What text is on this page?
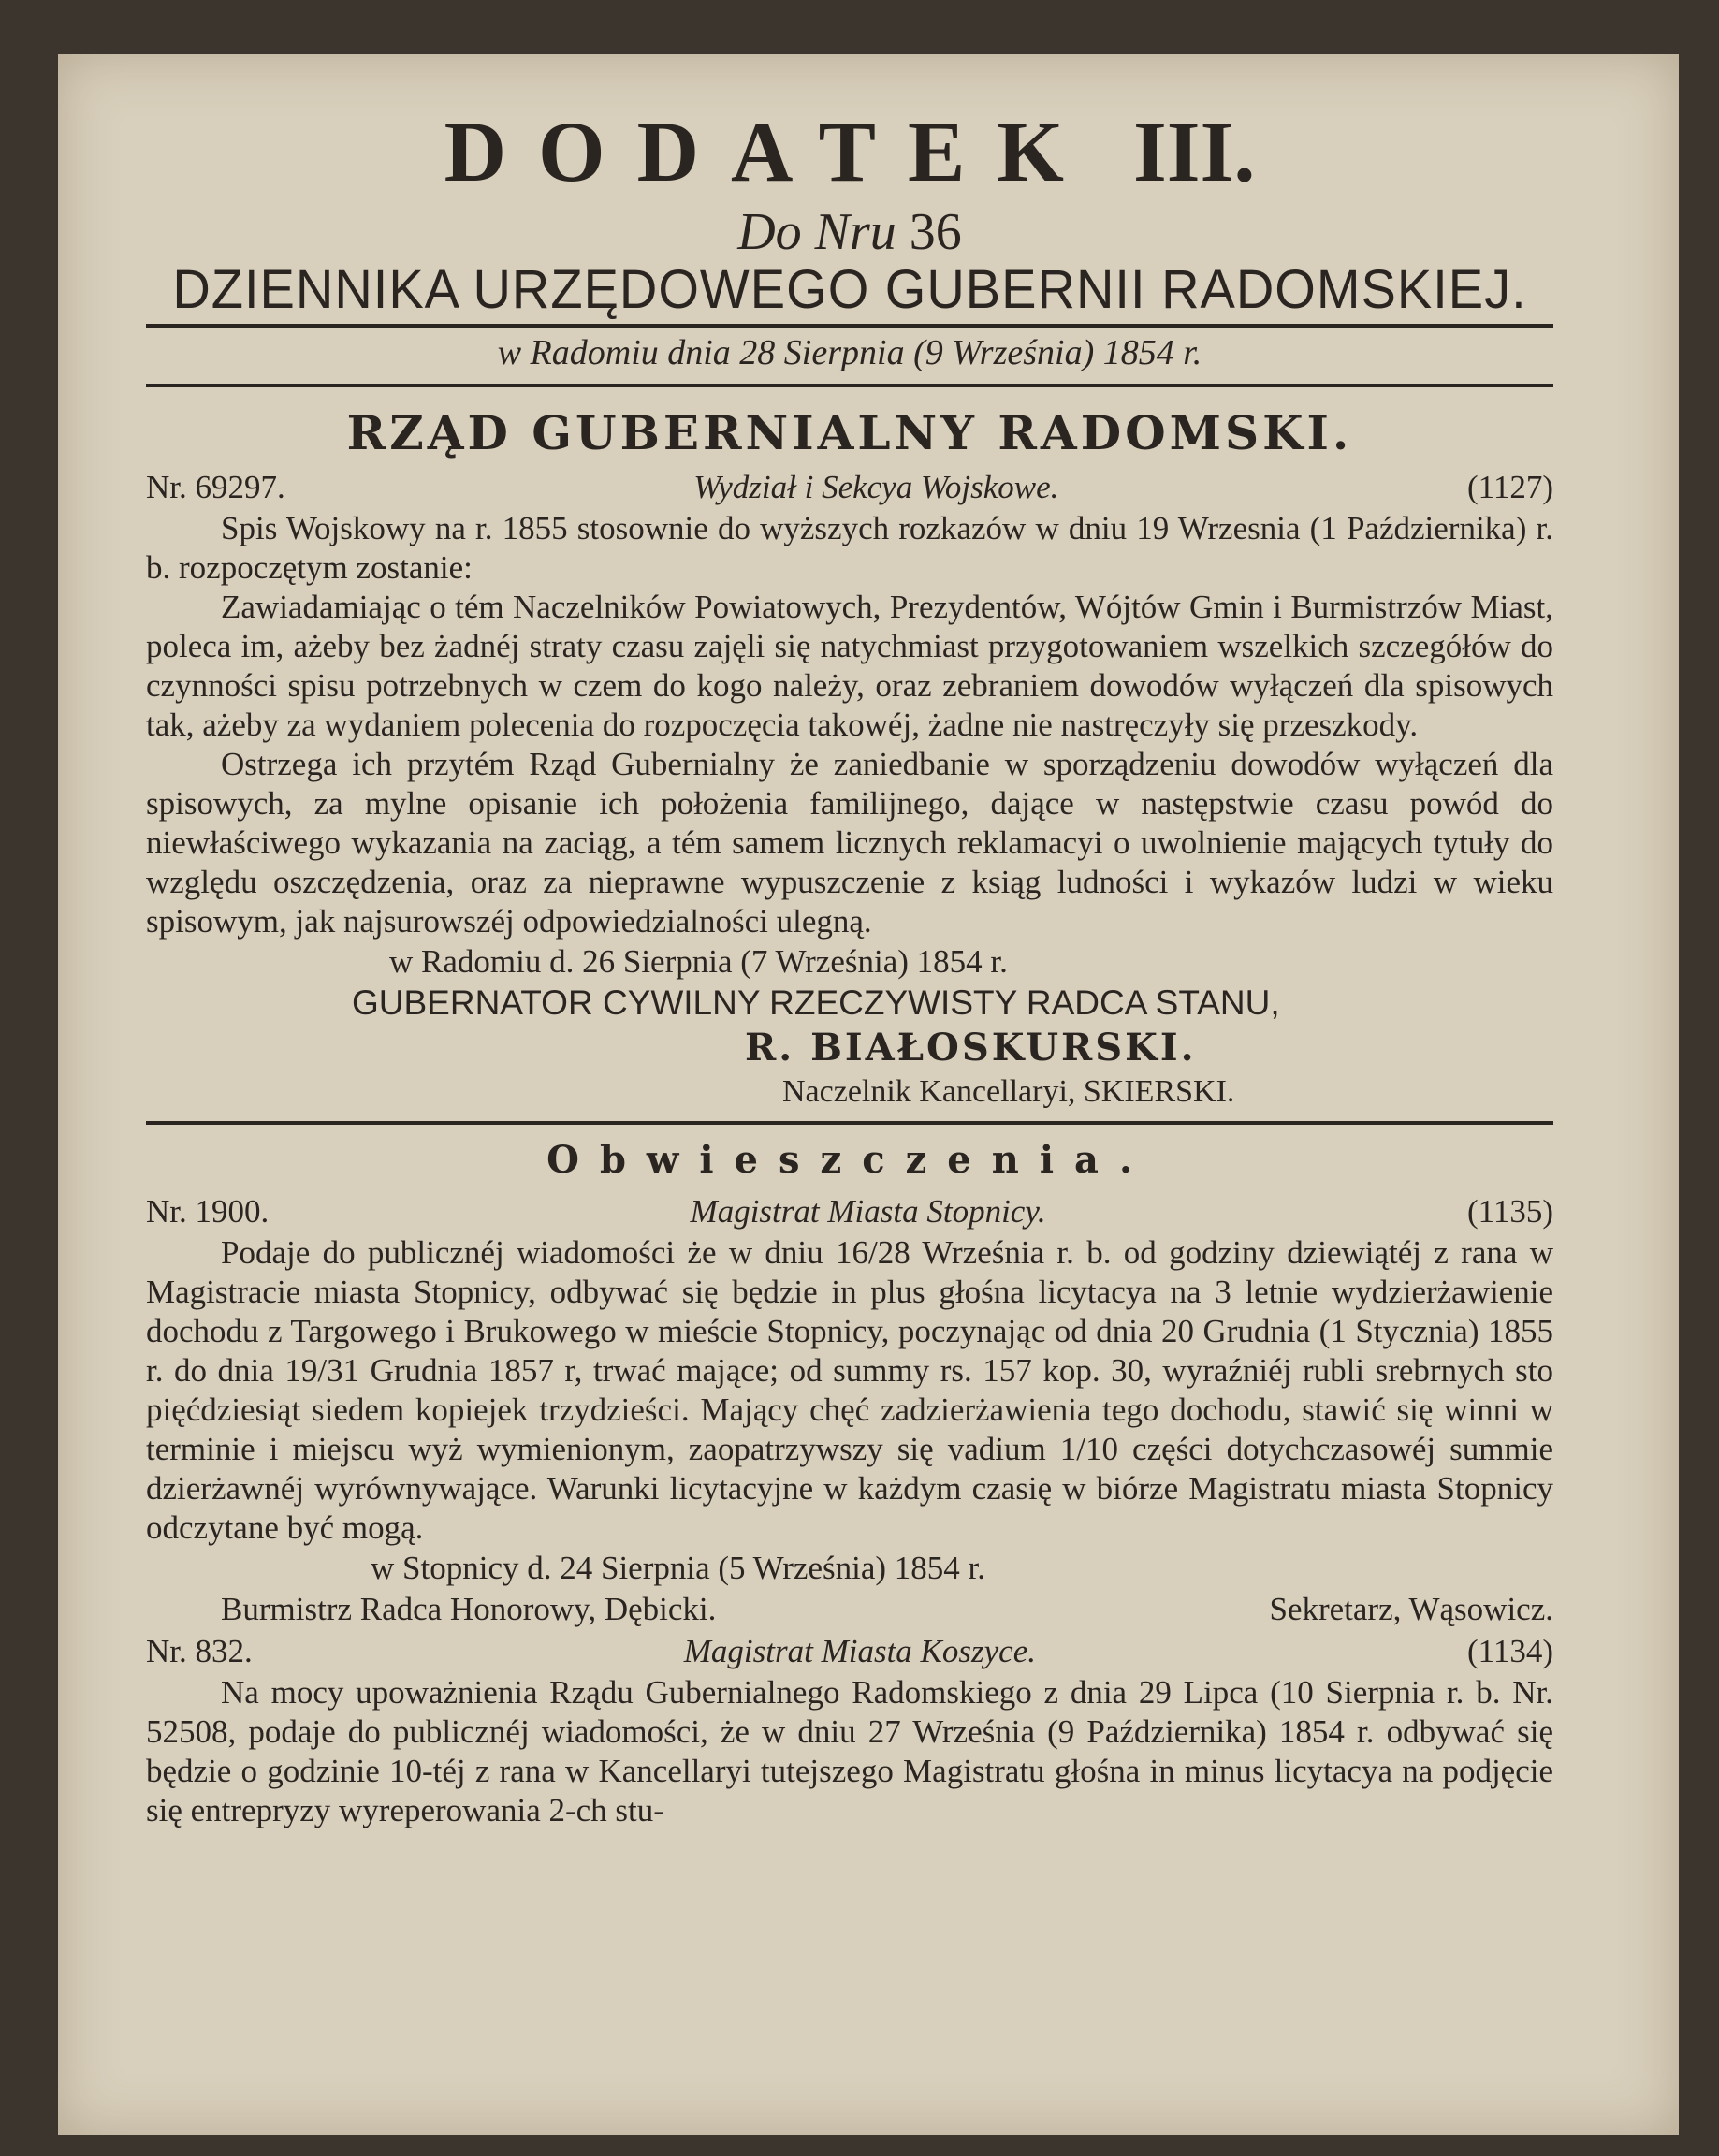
DODATEK III.
Do Nru 36
DZIENNIKA URZĘDOWEGO GUBERNII RADOMSKIEJ.
w Radomiu dnia 28 Sierpnia (9 Września) 1854 r.
RZĄD GUBERNIALNY RADOMSKI.
Nr. 69297.	Wydział i Sekcya Wojskowe.	(1127)

Spis Wojskowy na r. 1855 stosownie do wyższych rozkazów w dniu 19 Wrzesnia (1 Października) r. b. rozpoczętym zostanie:

Zawiadamiając o tém Naczelników Powiatowych, Prezydentów, Wójtów Gmin i Burmistrzów Miast, poleca im, ażeby bez żadnéj straty czasu zajęli się natychmiast przygotowaniem wszelkich szczegółów do czynności spisu potrzebnych w czem do kogo należy, oraz zebraniem dowodów wyłączeń dla spisowych tak, ażeby za wydaniem polecenia do rozpoczęcia takowéj, żadne nie nastręczyły się przeszkody.

Ostrzega ich przytém Rząd Gubernialny że zaniedbanie w sporządzeniu dowodów wyłączeń dla spisowych, za mylne opisanie ich położenia familijnego, dające w następstwie czasu powód do niewłaściwego wykazania na zaciąg, a tém samem licznych reklamacyi o uwolnienie mających tytuły do względu oszczędzenia, oraz za nieprawne wypuszczenie z ksiąg ludności i wykazów ludzi w wieku spisowym, jak najsurowszéj odpowiedzialności ulegną.

w Radomiu d. 26 Sierpnia (7 Września) 1854 r.
GUBERNATOR CYWILNY RZECZYWISTY RADCA STANU,
R. BIAŁOSKURSKI.
Naczelnik Kancellaryi, SKIERSKI.
Obwieszczenia.
Nr. 1900.	Magistrat Miasta Stopnicy.	(1135)

Podaje do publicznéj wiadomości że w dniu 16/28 Września r. b. od godziny dziewiątéj z rana w Magistracie miasta Stopnicy, odbywać się będzie in plus głośna licytacya na 3 letnie wydzierżawienie dochodu z Targowego i Brukowego w mieście Stopnicy, poczynając od dnia 20 Grudnia (1 Stycznia) 1855 r. do dnia 19/31 Grudnia 1857 r, trwać mające; od summy rs. 157 kop. 30, wyraźniéj rubli srebrnych sto pięćdziesiąt siedem kopiejek trzydzieści. Mający chęć zadzierżawienia tego dochodu, stawić się winni w terminie i miejscu wyż wymienionym, zaopatrzywszy się vadium 1/10 części dotychczasowéj summie dzierżawnéj wyrównywające. Warunki licytacyjne w każdym czasię w biórze Magistratu miasta Stopnicy odczytane być mogą.

w Stopnicy d. 24 Sierpnia (5 Września) 1854 r.
Burmistrz Radca Honorowy, Dębicki.	Sekretarz, Wąsowicz.
Nr. 832.	Magistrat Miasta Koszyce.	(1134)

Na mocy upoważnienia Rządu Gubernialnego Radomskiego z dnia 29 Lipca (10 Sierpnia r. b. Nr. 52508, podaje do publicznéj wiadomości, że w dniu 27 Września (9 Października) 1854 r. odbywać się będzie o godzinie 10-téj z rana w Kancellaryi tutejszego Magistratu głośna in minus licytacya na podjęcie się entrepryzy wyreperowania 2-ch stu-
